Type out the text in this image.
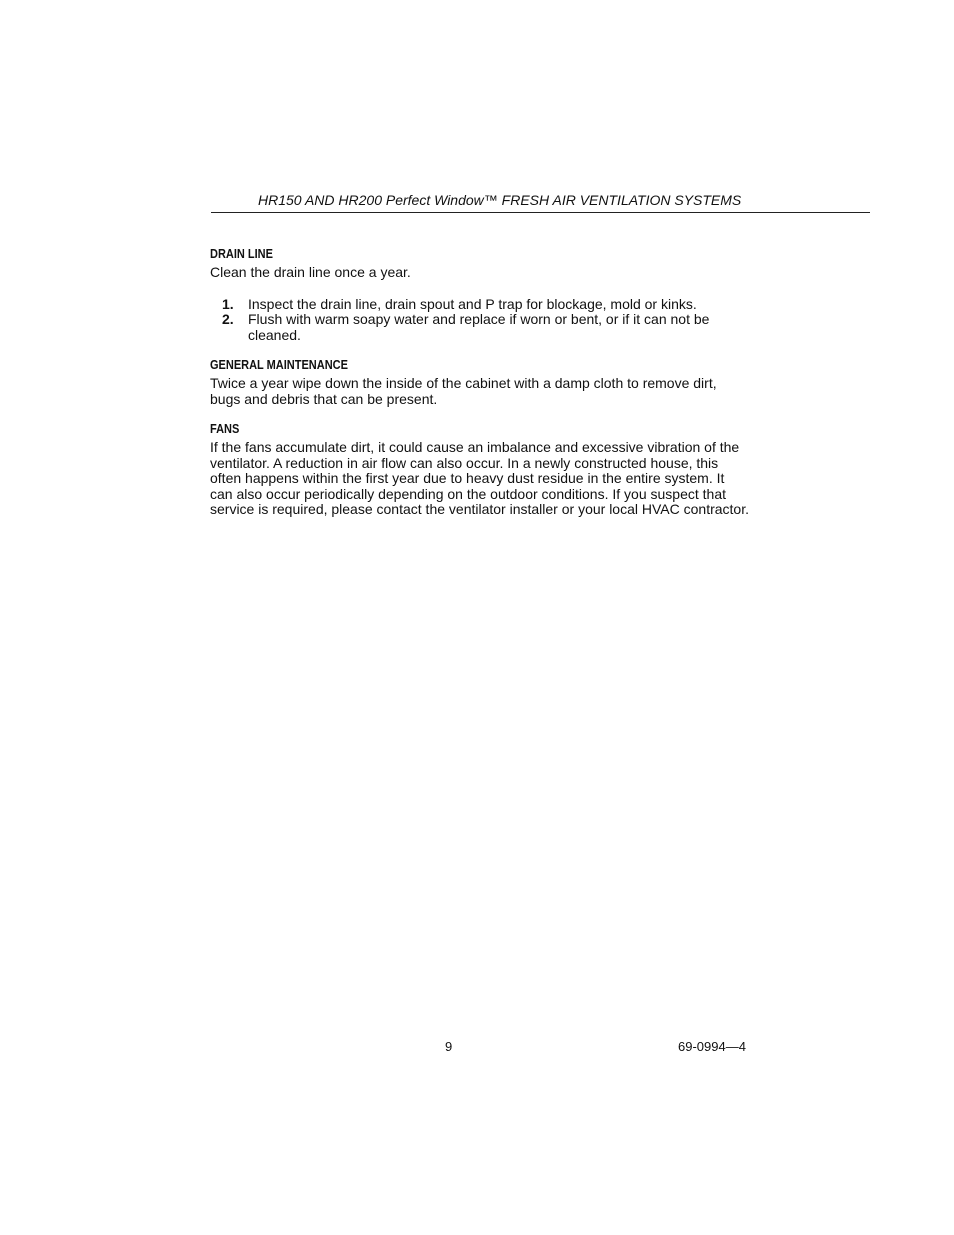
HR150 AND HR200 Perfect Window™ FRESH AIR VENTILATION SYSTEMS
DRAIN LINE

Clean the drain line once a year.

1. Inspect the drain line, drain spout and P trap for blockage, mold or kinks.
2. Flush with warm soapy water and replace if worn or bent, or if it can not be cleaned.
GENERAL MAINTENANCE

Twice a year wipe down the inside of the cabinet with a damp cloth to remove dirt, bugs and debris that can be present.

FANS

If the fans accumulate dirt, it could cause an imbalance and excessive vibration of the ventilator. A reduction in air flow can also occur. In a newly constructed house, this often happens within the first year due to heavy dust residue in the entire system. It can also occur periodically depending on the outdoor conditions. If you suspect that service is required, please contact the ventilator installer or your local HVAC contractor.

9	69-0994—4
